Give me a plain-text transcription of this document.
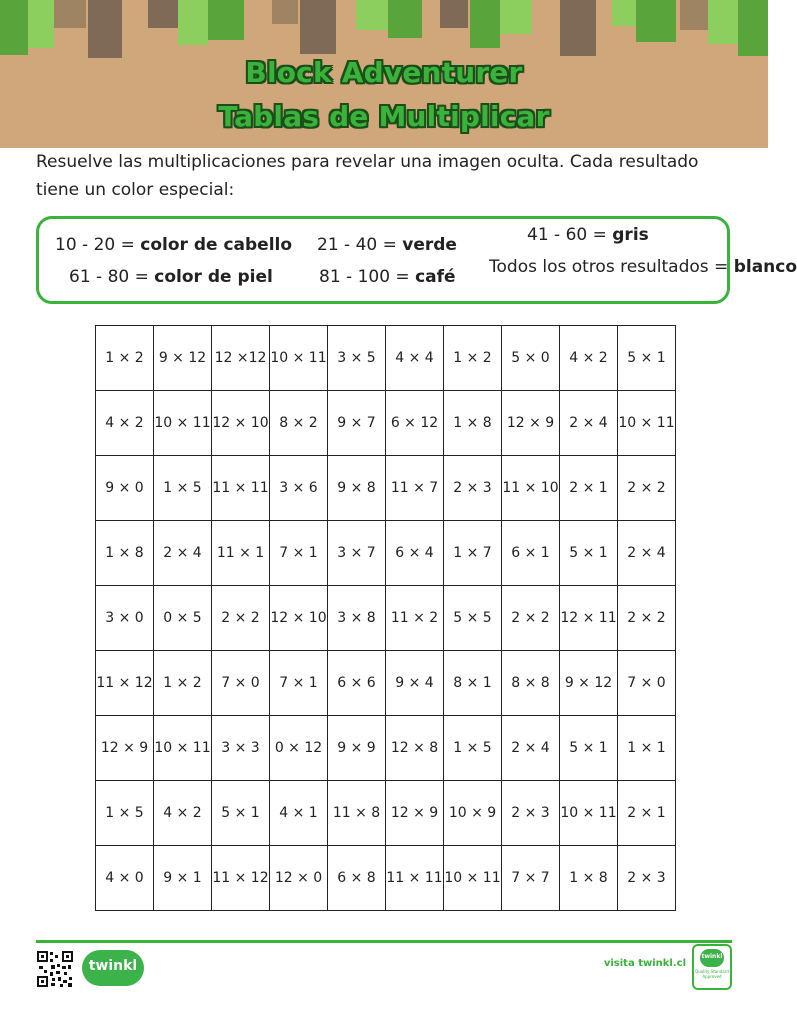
Block Adventurer
Tablas de Multiplicar
Resuelve las multiplicaciones para revelar una imagen oculta. Cada resultado tiene un color especial:
10 - 20 = color de cabello 21 - 40 = verde	41 - 60 = gris
61 - 80 = color de piel	81 - 100 = café Todos los otros resultados = blanco
1 × 2	9 × 12	12 ×12	10 × 11	3 × 5	4 × 4	1 × 2	5 × 0	4 × 2	5 × 1
4 × 2	10 × 11	12 × 10	8 × 2	9 × 7	6 × 12	1 × 8	12 × 9	2 × 4	10 × 11
9 × 0	1 × 5	11 × 11	3 × 6	9 × 8	11 × 7	2 × 3	11 × 10	2 × 1	2 × 2
1 × 8	2 × 4	11 × 1	7 × 1	3 × 7	6 × 4	1 × 7	6 × 1	5 × 1	2 × 4
3 × 0	0 × 5	2 × 2	12 × 10	3 × 8	11 × 2	5 × 5	2 × 2	12 × 11	2 × 2
11 × 12	1 × 2	7 × 0	7 × 1	6 × 6	9 × 4	8 × 1	8 × 8	9 × 12	7 × 0
12 × 9	10 × 11	3 × 3	0 × 12	9 × 9	12 × 8	1 × 5	2 × 4	5 × 1	1 × 1
1 × 5	4 × 2	5 × 1	4 × 1	11 × 8	12 × 9	10 × 9	2 × 3	10 × 11	2 × 1
4 × 0	9 × 1	11 × 12	12 × 0	6 × 8	11 × 11	10 × 11	7 × 7	1 × 8	2 × 3
twinkl	visita twinkl.cl
twinkl
Quality Standard Approved
